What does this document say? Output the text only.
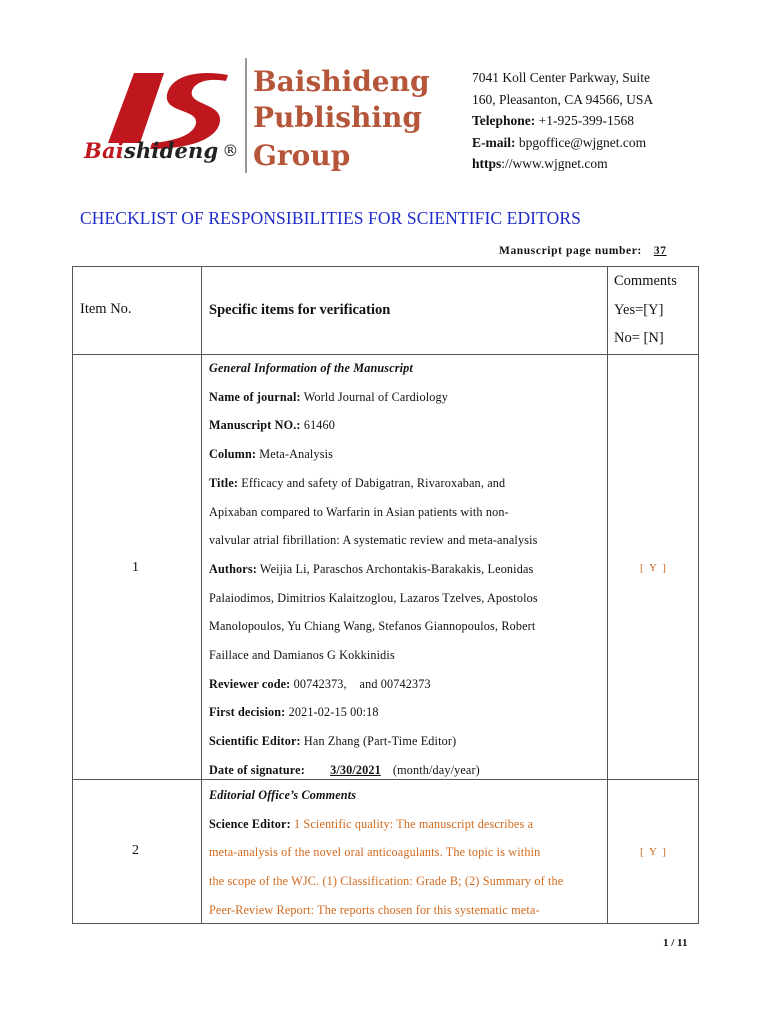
Baishideng ®
Baishideng
Publishing
Group
7041 Koll Center Parkway, Suite
160, Pleasanton, CA 94566, USA
Telephone: +1-925-399-1568
E-mail: bpgoffice@wjgnet.com
https://www.wjgnet.com
CHECKLIST OF RESPONSIBILITIES FOR SCIENTIFIC EDITORS
Manuscript page number: 37
Item No.	Specific items for verification
Comments
Yes=[Y]
No= [N]
1
General Information of the Manuscript
Name of journal: World Journal of Cardiology
Manuscript NO.: 61460
Column: Meta-Analysis
Title: Efficacy and safety of Dabigatran, Rivaroxaban, and
Apixaban compared to Warfarin in Asian patients with non-
valvular atrial fibrillation: A systematic review and meta-analysis
Authors: Weijia Li, Paraschos Archontakis-Barakakis, Leonidas
Palaiodimos, Dimitrios Kalaitzoglou, Lazaros Tzelves, Apostolos
Manolopoulos, Yu Chiang Wang, Stefanos Giannopoulos, Robert
Faillace and Damianos G Kokkinidis
Reviewer code: 00742373,    and 00742373
First decision: 2021-02-15 00:18
Scientific Editor: Han Zhang (Part-Time Editor)
Date of signature: 3/30/2021 (month/day/year)
[ Y ]
2
Editorial Office’s Comments
Science Editor: 1 Scientific quality: The manuscript describes a
meta-analysis of the novel oral anticoagulants. The topic is within
the scope of the WJC. (1) Classification: Grade B; (2) Summary of the
Peer-Review Report: The reports chosen for this systematic meta-
[ Y ]
1 / 11
